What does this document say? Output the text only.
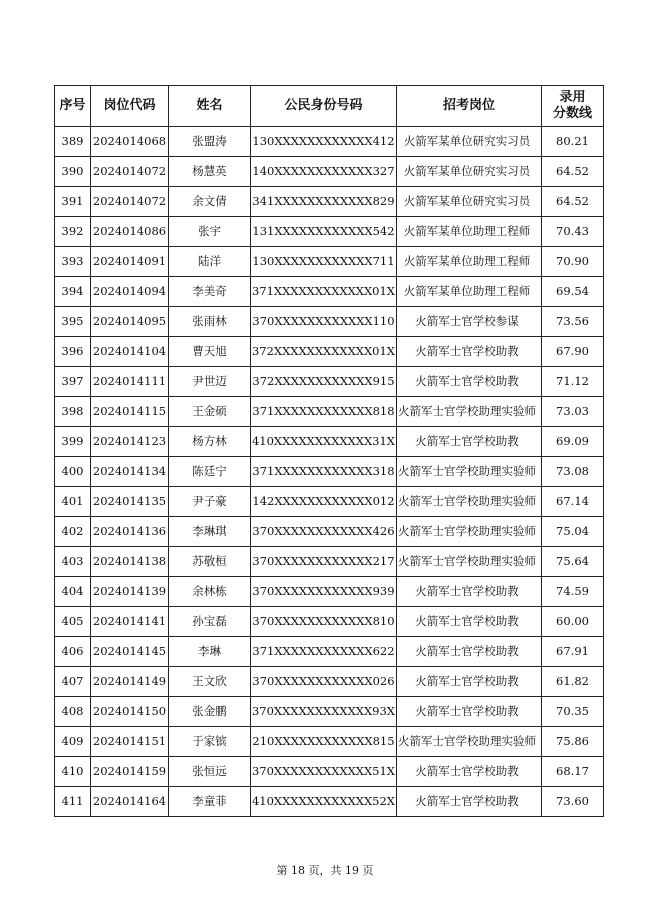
序号	岗位代码	姓名	公民身份号码	招考岗位	录用
分数线
389	2024014068	张盟涛	130XXXXXXXXXXXX412	火箭军某单位研究实习员	80.21
390	2024014072	杨慧英	140XXXXXXXXXXXX327	火箭军某单位研究实习员	64.52
391	2024014072	余文倩	341XXXXXXXXXXXX829	火箭军某单位研究实习员	64.52
392	2024014086	张宇	131XXXXXXXXXXXX542	火箭军某单位助理工程师	70.43
393	2024014091	陆洋	130XXXXXXXXXXXX711	火箭军某单位助理工程师	70.90
394	2024014094	李美奇	371XXXXXXXXXXXX01X	火箭军某单位助理工程师	69.54
395	2024014095	张雨林	370XXXXXXXXXXXX110	火箭军士官学校参谋	73.56
396	2024014104	曹天旭	372XXXXXXXXXXXX01X	火箭军士官学校助教	67.90
397	2024014111	尹世迈	372XXXXXXXXXXXX915	火箭军士官学校助教	71.12
398	2024014115	王金硕	371XXXXXXXXXXXX818	火箭军士官学校助理实验师	73.03
399	2024014123	杨方林	410XXXXXXXXXXXX31X	火箭军士官学校助教	69.09
400	2024014134	陈廷宁	371XXXXXXXXXXXX318	火箭军士官学校助理实验师	73.08
401	2024014135	尹子豪	142XXXXXXXXXXXX012	火箭军士官学校助理实验师	67.14
402	2024014136	李琳琪	370XXXXXXXXXXXX426	火箭军士官学校助理实验师	75.04
403	2024014138	苏敬桓	370XXXXXXXXXXXX217	火箭军士官学校助理实验师	75.64
404	2024014139	余林栋	370XXXXXXXXXXXX939	火箭军士官学校助教	74.59
405	2024014141	孙宝磊	370XXXXXXXXXXXX810	火箭军士官学校助教	60.00
406	2024014145	李琳	371XXXXXXXXXXXX622	火箭军士官学校助教	67.91
407	2024014149	王文欣	370XXXXXXXXXXXX026	火箭军士官学校助教	61.82
408	2024014150	张金鹏	370XXXXXXXXXXXX93X	火箭军士官学校助教	70.35
409	2024014151	于家镔	210XXXXXXXXXXXX815	火箭军士官学校助理实验师	75.86
410	2024014159	张恒远	370XXXXXXXXXXXX51X	火箭军士官学校助教	68.17
411	2024014164	李童菲	410XXXXXXXXXXXX52X	火箭军士官学校助教	73.60
第 18 页，共 19 页
